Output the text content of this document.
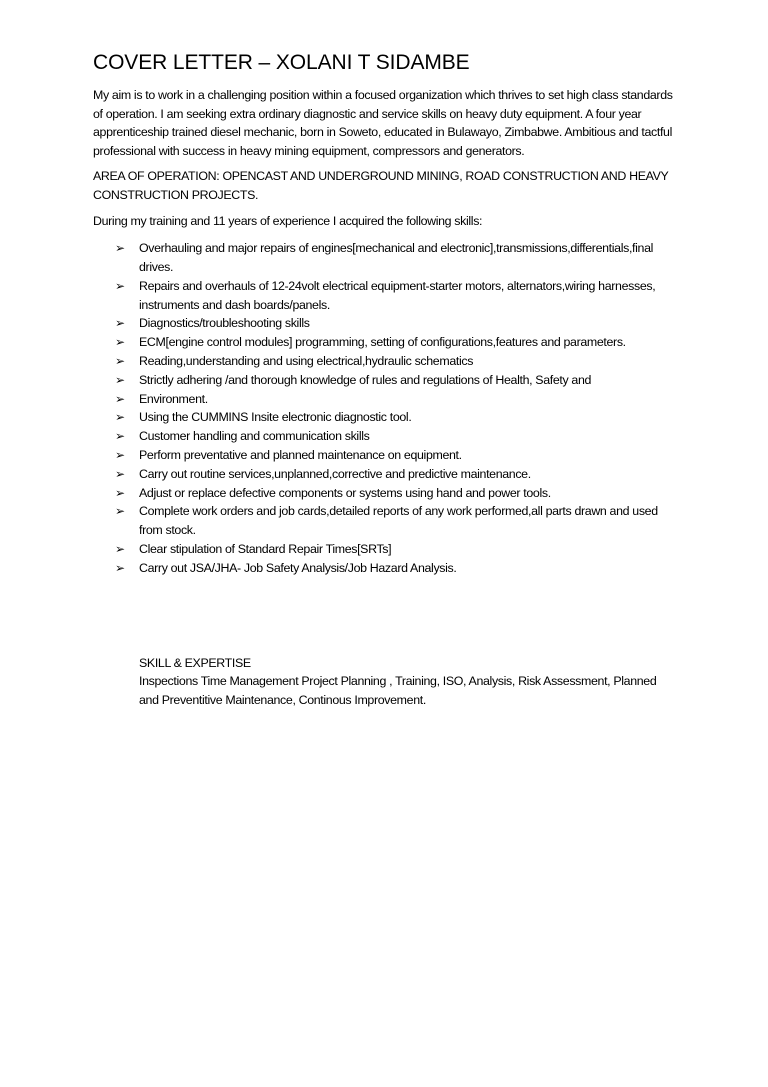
COVER LETTER – XOLANI T SIDAMBE

My aim is to work in a challenging position within a focused organization which thrives to set high class standards of operation. I am seeking extra ordinary diagnostic and service skills on heavy duty equipment. A four year apprenticeship trained diesel mechanic, born in Soweto, educated in Bulawayo, Zimbabwe. Ambitious and tactful professional with success in heavy mining equipment, compressors and generators.

AREA OF OPERATION: OPENCAST AND UNDERGROUND MINING, ROAD CONSTRUCTION AND HEAVY CONSTRUCTION PROJECTS.

During my training and 11 years of experience I acquired the following skills:

➢ Overhauling and major repairs of engines[mechanical and electronic],transmissions,differentials,final drives.
➢ Repairs and overhauls of 12-24volt electrical equipment-starter motors, alternators,wiring harnesses, instruments and dash boards/panels.
➢ Diagnostics/troubleshooting skills
➢ ECM[engine control modules] programming, setting of configurations,features and parameters.
➢ Reading,understanding and using electrical,hydraulic schematics
➢ Strictly adhering /and thorough knowledge of rules and regulations of Health, Safety and
➢ Environment.
➢ Using the CUMMINS Insite electronic diagnostic tool.
➢ Customer handling and communication skills
➢ Perform preventative and planned maintenance on equipment.
➢ Carry out routine services,unplanned,corrective and predictive maintenance.
➢ Adjust or replace defective components or systems using hand and power tools.
➢ Complete work orders and job cards,detailed reports of any work performed,all parts drawn and used from stock.
➢ Clear stipulation of Standard Repair Times[SRTs]
➢ Carry out JSA/JHA- Job Safety Analysis/Job Hazard Analysis.
SKILL & EXPERTISE
Inspections Time Management Project Planning , Training, ISO, Analysis, Risk Assessment, Planned and Preventitive Maintenance, Continous Improvement.
